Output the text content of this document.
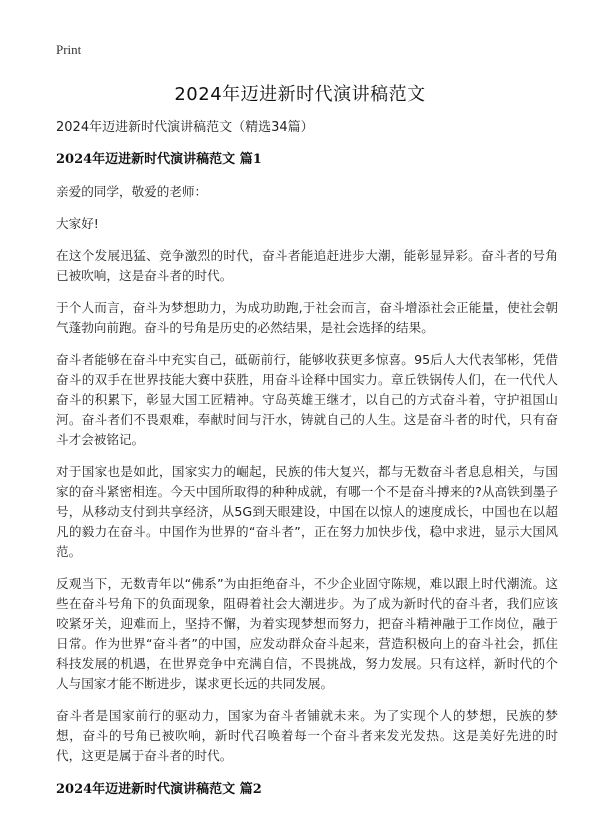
Print
2024年迈进新时代演讲稿范文

2024年迈进新时代演讲稿范文（精选34篇）

2024年迈进新时代演讲稿范文 篇1

亲爱的同学，敬爱的老师：

大家好!

在这个发展迅猛、竞争激烈的时代，奋斗者能追赶进步大潮，能彰显异彩。奋斗者的号角已被吹响，这是奋斗者的时代。

于个人而言，奋斗为梦想助力，为成功助跑,于社会而言，奋斗增添社会正能量，使社会朝气蓬勃向前跑。奋斗的号角是历史的必然结果，是社会选择的结果。

奋斗者能够在奋斗中充实自己，砥砺前行，能够收获更多惊喜。95后人大代表邹彬，凭借奋斗的双手在世界技能大赛中获胜，用奋斗诠释中国实力。章丘铁锅传人们，在一代代人奋斗的积累下，彰显大国工匠精神。守岛英雄王继才，以自己的方式奋斗着，守护祖国山河。奋斗者们不畏艰难，奉献时间与汗水，铸就自己的人生。这是奋斗者的时代，只有奋斗才会被铭记。

对于国家也是如此，国家实力的崛起，民族的伟大复兴，都与无数奋斗者息息相关，与国家的奋斗紧密相连。今天中国所取得的种种成就，有哪一个不是奋斗搏来的?从高铁到墨子号，从移动支付到共享经济，从5G到天眼建设，中国在以惊人的速度成长，中国也在以超凡的毅力在奋斗。中国作为世界的“奋斗者”，正在努力加快步伐，稳中求进，显示大国风范。

反观当下，无数青年以“佛系”为由拒绝奋斗，不少企业固守陈规，难以跟上时代潮流。这些在奋斗号角下的负面现象，阻碍着社会大潮进步。为了成为新时代的奋斗者，我们应该咬紧牙关，迎难而上，坚持不懈，为着实现梦想而努力，把奋斗精神融于工作岗位，融于日常。作为世界“奋斗者”的中国，应发动群众奋斗起来，营造积极向上的奋斗社会，抓住科技发展的机遇，在世界竞争中充满自信，不畏挑战，努力发展。只有这样，新时代的个人与国家才能不断进步，谋求更长远的共同发展。

奋斗者是国家前行的驱动力，国家为奋斗者铺就未来。为了实现个人的梦想，民族的梦想，奋斗的号角已被吹响，新时代召唤着每一个奋斗者来发光发热。这是美好先进的时代，这更是属于奋斗者的时代。

2024年迈进新时代演讲稿范文 篇2
